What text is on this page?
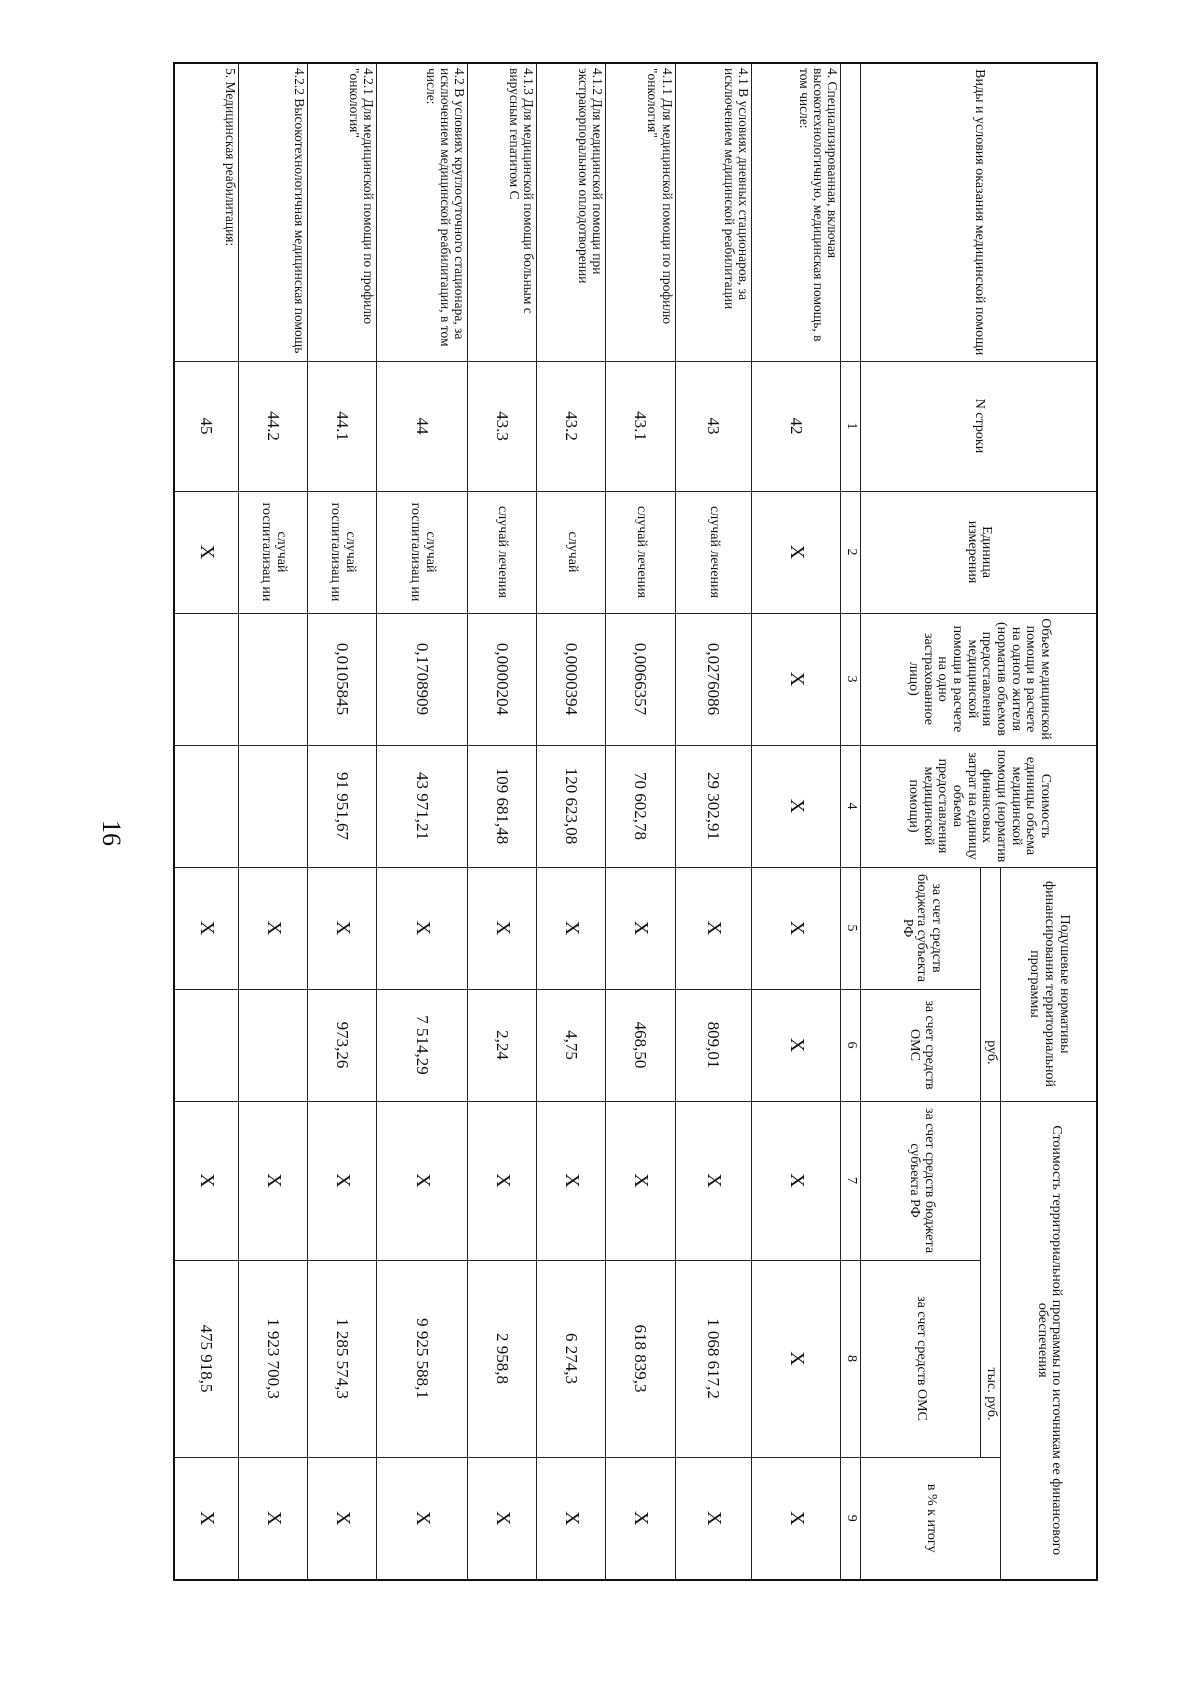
16
Виды и условия оказания медицинской помощи	N строки	Единица измерения	Объем медицинской помощи в расчете на одного жителя (норматив объемов предоставления медицинской помощи в расчете на одно застрахованное лицо)	Стоимость единицы объема медицинской помощи (норматив финансовых затрат на единицу объема предоставления медицинской помощи)	Подушевые нормативы финансирования территориальной программы		Стоимость территориальной программы по источникам ее финансового обеспечения		
					руб.		тыс. руб.		в % к итогу
					за счет средств бюджета субъекта РФ	за счет средств ОМС	за счет средств бюджета субъекта РФ	за счет средств ОМС	
	1	2	3	4	5	6	7	8	9
4. Специализированная, включая высокотехнологичную, медицинская помощь, в том числе:	42	X	X	X	X	X	X	X	X
4.1 В условиях дневных стационаров, за исключением медицинской реабилитации	43	случай лечения	0,0276086	29 302,91	X	809,01	X	1 068 617,2	X
4.1.1 Для медицинской помощи по профилю "онкология"	43.1	случай лечения	0,0066357	70 602,78	X	468,50	X	618 839,3	X
4.1.2 Для медицинской помощи при экстракорпоральном оплодотворении	43.2	случай	0,0000394	120 623,08	X	4,75	X	6 274,3	X
4.1.3 Для медицинской помощи больным с вирусным гепатитом С	43.3	случай лечения	0,0000204	109 681,48	X	2,24	X	2 958,8	X
4.2 В условиях круглосуточного стационара, за исключением медицинской реабилитации, в том числе:	44	случай госпитализац ии	0,1708909	43 971,21	X	7 514,29	X	9 925 588,1	X
4.2.1 Для медицинской помощи по профилю "онкология"	44.1	случай госпитализац ии	0,0105845	91 951,67	X	973,26	X	1 285 574,3	X
4.2.2 Высокотехнологичная медицинская помощь	44.2	случай госпитализац ии			X		X	1 923 700,3	X
5. Медицинская реабилитация:	45	X			X		X	475 918,5	X
